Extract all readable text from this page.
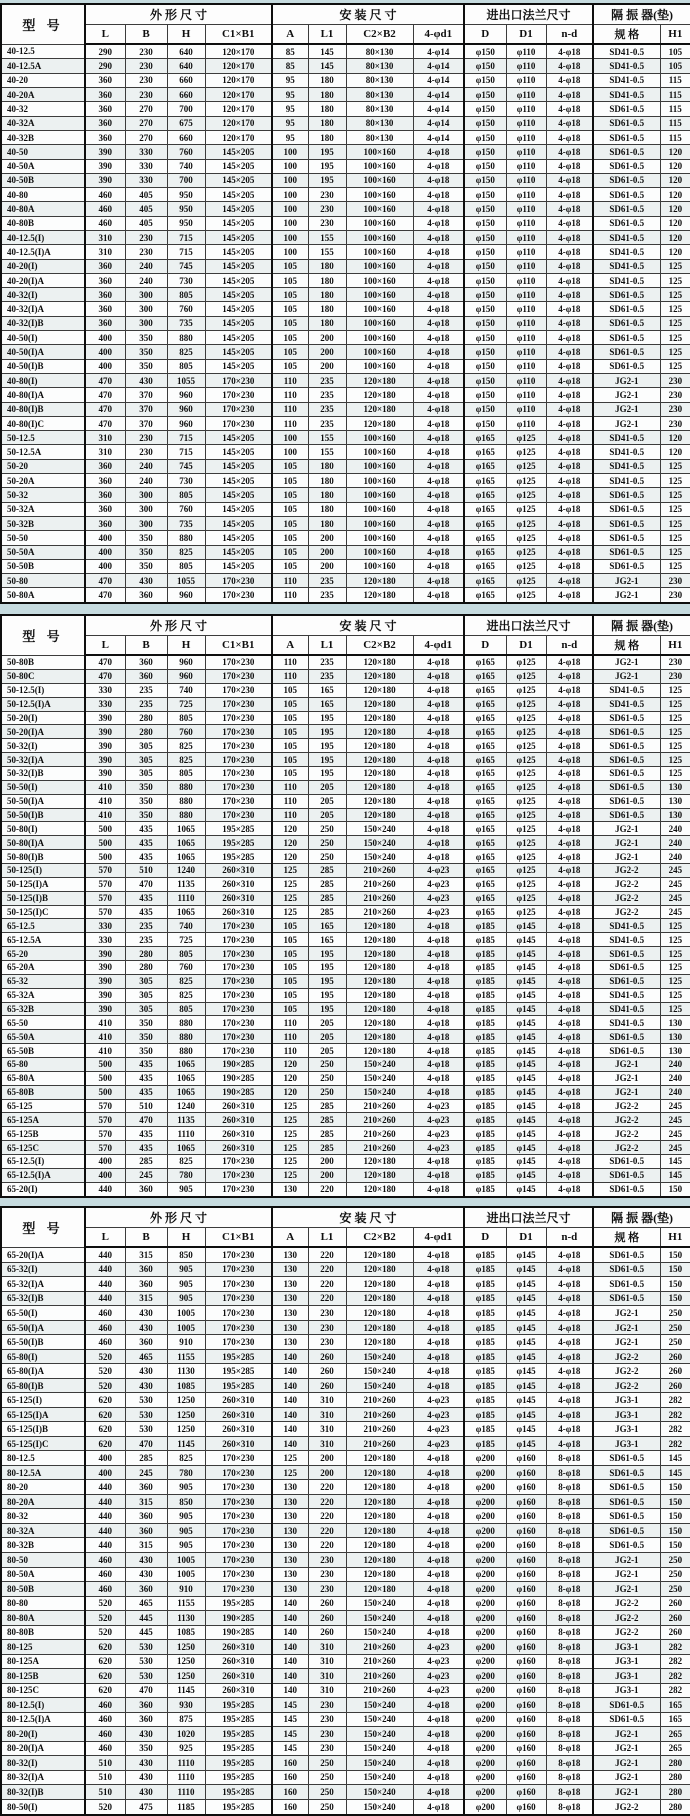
型 号	外 形 尺 寸				安 装 尺 寸				进出口法兰尺寸			隔 振 器(垫)	
	L	B	H	C1×B1	A	L1	C2×B2	4-φd1	D	D1	n-d	规 格	H1
40-12.5	290	230	640	120×170	85	145	80×130	4-φ14	φ150	φ110	4-φ18	SD41-0.5	105
40-12.5A	290	230	640	120×170	85	145	80×130	4-φ14	φ150	φ110	4-φ18	SD41-0.5	105
40-20	360	230	660	120×170	95	180	80×130	4-φ14	φ150	φ110	4-φ18	SD41-0.5	115
40-20A	360	230	660	120×170	95	180	80×130	4-φ14	φ150	φ110	4-φ18	SD41-0.5	115
40-32	360	270	700	120×170	95	180	80×130	4-φ14	φ150	φ110	4-φ18	SD61-0.5	115
40-32A	360	270	675	120×170	95	180	80×130	4-φ14	φ150	φ110	4-φ18	SD61-0.5	115
40-32B	360	270	660	120×170	95	180	80×130	4-φ14	φ150	φ110	4-φ18	SD61-0.5	115
40-50	390	330	760	145×205	100	195	100×160	4-φ18	φ150	φ110	4-φ18	SD61-0.5	120
40-50A	390	330	740	145×205	100	195	100×160	4-φ18	φ150	φ110	4-φ18	SD61-0.5	120
40-50B	390	330	700	145×205	100	195	100×160	4-φ18	φ150	φ110	4-φ18	SD61-0.5	120
40-80	460	405	950	145×205	100	230	100×160	4-φ18	φ150	φ110	4-φ18	SD61-0.5	120
40-80A	460	405	950	145×205	100	230	100×160	4-φ18	φ150	φ110	4-φ18	SD61-0.5	120
40-80B	460	405	950	145×205	100	230	100×160	4-φ18	φ150	φ110	4-φ18	SD61-0.5	120
40-12.5(I)	310	230	715	145×205	100	155	100×160	4-φ18	φ150	φ110	4-φ18	SD41-0.5	120
40-12.5(I)A	310	230	715	145×205	100	155	100×160	4-φ18	φ150	φ110	4-φ18	SD41-0.5	120
40-20(I)	360	240	745	145×205	105	180	100×160	4-φ18	φ150	φ110	4-φ18	SD41-0.5	125
40-20(I)A	360	240	730	145×205	105	180	100×160	4-φ18	φ150	φ110	4-φ18	SD41-0.5	125
40-32(I)	360	300	805	145×205	105	180	100×160	4-φ18	φ150	φ110	4-φ18	SD61-0.5	125
40-32(I)A	360	300	760	145×205	105	180	100×160	4-φ18	φ150	φ110	4-φ18	SD61-0.5	125
40-32(I)B	360	300	735	145×205	105	180	100×160	4-φ18	φ150	φ110	4-φ18	SD61-0.5	125
40-50(I)	400	350	880	145×205	105	200	100×160	4-φ18	φ150	φ110	4-φ18	SD61-0.5	125
40-50(I)A	400	350	825	145×205	105	200	100×160	4-φ18	φ150	φ110	4-φ18	SD61-0.5	125
40-50(I)B	400	350	805	145×205	105	200	100×160	4-φ18	φ150	φ110	4-φ18	SD61-0.5	125
40-80(I)	470	430	1055	170×230	110	235	120×180	4-φ18	φ150	φ110	4-φ18	JG2-1	230
40-80(I)A	470	370	960	170×230	110	235	120×180	4-φ18	φ150	φ110	4-φ18	JG2-1	230
40-80(I)B	470	370	960	170×230	110	235	120×180	4-φ18	φ150	φ110	4-φ18	JG2-1	230
40-80(I)C	470	370	960	170×230	110	235	120×180	4-φ18	φ150	φ110	4-φ18	JG2-1	230
50-12.5	310	230	715	145×205	100	155	100×160	4-φ18	φ165	φ125	4-φ18	SD41-0.5	120
50-12.5A	310	230	715	145×205	100	155	100×160	4-φ18	φ165	φ125	4-φ18	SD41-0.5	120
50-20	360	240	745	145×205	105	180	100×160	4-φ18	φ165	φ125	4-φ18	SD41-0.5	125
50-20A	360	240	730	145×205	105	180	100×160	4-φ18	φ165	φ125	4-φ18	SD41-0.5	125
50-32	360	300	805	145×205	105	180	100×160	4-φ18	φ165	φ125	4-φ18	SD61-0.5	125
50-32A	360	300	760	145×205	105	180	100×160	4-φ18	φ165	φ125	4-φ18	SD61-0.5	125
50-32B	360	300	735	145×205	105	180	100×160	4-φ18	φ165	φ125	4-φ18	SD61-0.5	125
50-50	400	350	880	145×205	105	200	100×160	4-φ18	φ165	φ125	4-φ18	SD61-0.5	125
50-50A	400	350	825	145×205	105	200	100×160	4-φ18	φ165	φ125	4-φ18	SD61-0.5	125
50-50B	400	350	805	145×205	105	200	100×160	4-φ18	φ165	φ125	4-φ18	SD61-0.5	125
50-80	470	430	1055	170×230	110	235	120×180	4-φ18	φ165	φ125	4-φ18	JG2-1	230
50-80A	470	360	960	170×230	110	235	120×180	4-φ18	φ165	φ125	4-φ18	JG2-1	230
型 号	外 形 尺 寸				安 装 尺 寸				进出口法兰尺寸			隔 振 器(垫)	
	L	B	H	C1×B1	A	L1	C2×B2	4-φd1	D	D1	n-d	规 格	H1
50-80B	470	360	960	170×230	110	235	120×180	4-φ18	φ165	φ125	4-φ18	JG2-1	230
50-80C	470	360	960	170×230	110	235	120×180	4-φ18	φ165	φ125	4-φ18	JG2-1	230
50-12.5(I)	330	235	740	170×230	105	165	120×180	4-φ18	φ165	φ125	4-φ18	SD41-0.5	125
50-12.5(I)A	330	235	725	170×230	105	165	120×180	4-φ18	φ165	φ125	4-φ18	SD41-0.5	125
50-20(I)	390	280	805	170×230	105	195	120×180	4-φ18	φ165	φ125	4-φ18	SD61-0.5	125
50-20(I)A	390	280	760	170×230	105	195	120×180	4-φ18	φ165	φ125	4-φ18	SD61-0.5	125
50-32(I)	390	305	825	170×230	105	195	120×180	4-φ18	φ165	φ125	4-φ18	SD61-0.5	125
50-32(I)A	390	305	825	170×230	105	195	120×180	4-φ18	φ165	φ125	4-φ18	SD61-0.5	125
50-32(I)B	390	305	805	170×230	105	195	120×180	4-φ18	φ165	φ125	4-φ18	SD61-0.5	125
50-50(I)	410	350	880	170×230	110	205	120×180	4-φ18	φ165	φ125	4-φ18	SD61-0.5	130
50-50(I)A	410	350	880	170×230	110	205	120×180	4-φ18	φ165	φ125	4-φ18	SD61-0.5	130
50-50(I)B	410	350	880	170×230	110	205	120×180	4-φ18	φ165	φ125	4-φ18	SD61-0.5	130
50-80(I)	500	435	1065	195×285	120	250	150×240	4-φ18	φ165	φ125	4-φ18	JG2-1	240
50-80(I)A	500	435	1065	195×285	120	250	150×240	4-φ18	φ165	φ125	4-φ18	JG2-1	240
50-80(I)B	500	435	1065	195×285	120	250	150×240	4-φ18	φ165	φ125	4-φ18	JG2-1	240
50-125(I)	570	510	1240	260×310	125	285	210×260	4-φ23	φ165	φ125	4-φ18	JG2-2	245
50-125(I)A	570	470	1135	260×310	125	285	210×260	4-φ23	φ165	φ125	4-φ18	JG2-2	245
50-125(I)B	570	435	1110	260×310	125	285	210×260	4-φ23	φ165	φ125	4-φ18	JG2-2	245
50-125(I)C	570	435	1065	260×310	125	285	210×260	4-φ23	φ165	φ125	4-φ18	JG2-2	245
65-12.5	330	235	740	170×230	105	165	120×180	4-φ18	φ185	φ145	4-φ18	SD41-0.5	125
65-12.5A	330	235	725	170×230	105	165	120×180	4-φ18	φ185	φ145	4-φ18	SD41-0.5	125
65-20	390	280	805	170×230	105	195	120×180	4-φ18	φ185	φ145	4-φ18	SD61-0.5	125
65-20A	390	280	760	170×230	105	195	120×180	4-φ18	φ185	φ145	4-φ18	SD61-0.5	125
65-32	390	305	825	170×230	105	195	120×180	4-φ18	φ185	φ145	4-φ18	SD61-0.5	125
65-32A	390	305	825	170×230	105	195	120×180	4-φ18	φ185	φ145	4-φ18	SD41-0.5	125
65-32B	390	305	805	170×230	105	195	120×180	4-φ18	φ185	φ145	4-φ18	SD41-0.5	125
65-50	410	350	880	170×230	110	205	120×180	4-φ18	φ185	φ145	4-φ18	SD41-0.5	130
65-50A	410	350	880	170×230	110	205	120×180	4-φ18	φ185	φ145	4-φ18	SD61-0.5	130
65-50B	410	350	880	170×230	110	205	120×180	4-φ18	φ185	φ145	4-φ18	SD61-0.5	130
65-80	500	435	1065	190×285	120	250	150×240	4-φ18	φ185	φ145	4-φ18	JG2-1	240
65-80A	500	435	1065	190×285	120	250	150×240	4-φ18	φ185	φ145	4-φ18	JG2-1	240
65-80B	500	435	1065	190×285	120	250	150×240	4-φ18	φ185	φ145	4-φ18	JG2-1	240
65-125	570	510	1240	260×310	125	285	210×260	4-φ23	φ185	φ145	4-φ18	JG2-2	245
65-125A	570	470	1135	260×310	125	285	210×260	4-φ23	φ185	φ145	4-φ18	JG2-2	245
65-125B	570	435	1110	260×310	125	285	210×260	4-φ23	φ185	φ145	4-φ18	JG2-2	245
65-125C	570	435	1065	260×310	125	285	210×260	4-φ23	φ185	φ145	4-φ18	JG2-2	245
65-12.5(I)	400	285	825	170×230	125	200	120×180	4-φ18	φ185	φ145	4-φ18	SD61-0.5	145
65-12.5(I)A	400	245	780	170×230	125	200	120×180	4-φ18	φ185	φ145	4-φ18	SD61-0.5	145
65-20(I)	440	360	905	170×230	130	220	120×180	4-φ18	φ185	φ145	4-φ18	SD61-0.5	150
型 号	外 形 尺 寸				安 装 尺 寸				进出口法兰尺寸			隔 振 器(垫)	
	L	B	H	C1×B1	A	L1	C2×B2	4-φd1	D	D1	n-d	规 格	H1
65-20(I)A	440	315	850	170×230	130	220	120×180	4-φ18	φ185	φ145	4-φ18	SD61-0.5	150
65-32(I)	440	360	905	170×230	130	220	120×180	4-φ18	φ185	φ145	4-φ18	SD61-0.5	150
65-32(I)A	440	360	905	170×230	130	220	120×180	4-φ18	φ185	φ145	4-φ18	SD61-0.5	150
65-32(I)B	440	315	905	170×230	130	220	120×180	4-φ18	φ185	φ145	4-φ18	SD61-0.5	150
65-50(I)	460	430	1005	170×230	130	230	120×180	4-φ18	φ185	φ145	4-φ18	JG2-1	250
65-50(I)A	460	430	1005	170×230	130	230	120×180	4-φ18	φ185	φ145	4-φ18	JG2-1	250
65-50(I)B	460	360	910	170×230	130	230	120×180	4-φ18	φ185	φ145	4-φ18	JG2-1	250
65-80(I)	520	465	1155	195×285	140	260	150×240	4-φ18	φ185	φ145	4-φ18	JG2-2	260
65-80(I)A	520	430	1130	195×285	140	260	150×240	4-φ18	φ185	φ145	4-φ18	JG2-2	260
65-80(I)B	520	430	1085	195×285	140	260	150×240	4-φ18	φ185	φ145	4-φ18	JG2-2	260
65-125(I)	620	530	1250	260×310	140	310	210×260	4-φ23	φ185	φ145	4-φ18	JG3-1	282
65-125(I)A	620	530	1250	260×310	140	310	210×260	4-φ23	φ185	φ145	4-φ18	JG3-1	282
65-125(I)B	620	530	1250	260×310	140	310	210×260	4-φ23	φ185	φ145	4-φ18	JG3-1	282
65-125(I)C	620	470	1145	260×310	140	310	210×260	4-φ23	φ185	φ145	4-φ18	JG3-1	282
80-12.5	400	285	825	170×230	125	200	120×180	4-φ18	φ200	φ160	8-φ18	SD61-0.5	145
80-12.5A	400	245	780	170×230	125	200	120×180	4-φ18	φ200	φ160	8-φ18	SD61-0.5	145
80-20	440	360	905	170×230	130	220	120×180	4-φ18	φ200	φ160	8-φ18	SD61-0.5	150
80-20A	440	315	850	170×230	130	220	120×180	4-φ18	φ200	φ160	8-φ18	SD61-0.5	150
80-32	440	360	905	170×230	130	220	120×180	4-φ18	φ200	φ160	8-φ18	SD61-0.5	150
80-32A	440	360	905	170×230	130	220	120×180	4-φ18	φ200	φ160	8-φ18	SD61-0.5	150
80-32B	440	315	905	170×230	130	220	120×180	4-φ18	φ200	φ160	8-φ18	SD61-0.5	150
80-50	460	430	1005	170×230	130	230	120×180	4-φ18	φ200	φ160	8-φ18	JG2-1	250
80-50A	460	430	1005	170×230	130	230	120×180	4-φ18	φ200	φ160	8-φ18	JG2-1	250
80-50B	460	360	910	170×230	130	230	120×180	4-φ18	φ200	φ160	8-φ18	JG2-1	250
80-80	520	465	1155	195×285	140	260	150×240	4-φ18	φ200	φ160	8-φ18	JG2-2	260
80-80A	520	445	1130	190×285	140	260	150×240	4-φ18	φ200	φ160	8-φ18	JG2-2	260
80-80B	520	445	1085	190×285	140	260	150×240	4-φ18	φ200	φ160	8-φ18	JG2-2	260
80-125	620	530	1250	260×310	140	310	210×260	4-φ23	φ200	φ160	8-φ18	JG3-1	282
80-125A	620	530	1250	260×310	140	310	210×260	4-φ23	φ200	φ160	8-φ18	JG3-1	282
80-125B	620	530	1250	260×310	140	310	210×260	4-φ23	φ200	φ160	8-φ18	JG3-1	282
80-125C	620	470	1145	260×310	140	310	210×260	4-φ23	φ200	φ160	8-φ18	JG3-1	282
80-12.5(I)	460	360	930	195×285	145	230	150×240	4-φ18	φ200	φ160	8-φ18	SD61-0.5	165
80-12.5(I)A	460	360	875	195×285	145	230	150×240	4-φ18	φ200	φ160	8-φ18	SD61-0.5	165
80-20(I)	460	430	1020	195×285	145	230	150×240	4-φ18	φ200	φ160	8-φ18	JG2-1	265
80-20(I)A	460	350	925	195×285	145	230	150×240	4-φ18	φ200	φ160	8-φ18	JG2-1	265
80-32(I)	510	430	1110	195×285	160	250	150×240	4-φ18	φ200	φ160	8-φ18	JG2-1	280
80-32(I)A	510	430	1110	195×285	160	250	150×240	4-φ18	φ200	φ160	8-φ18	JG2-1	280
80-32(I)B	510	430	1110	195×285	160	250	150×240	4-φ18	φ200	φ160	8-φ18	JG2-1	280
80-50(I)	520	475	1185	195×285	160	250	150×240	4-φ18	φ200	φ160	8-φ18	JG2-2	280
